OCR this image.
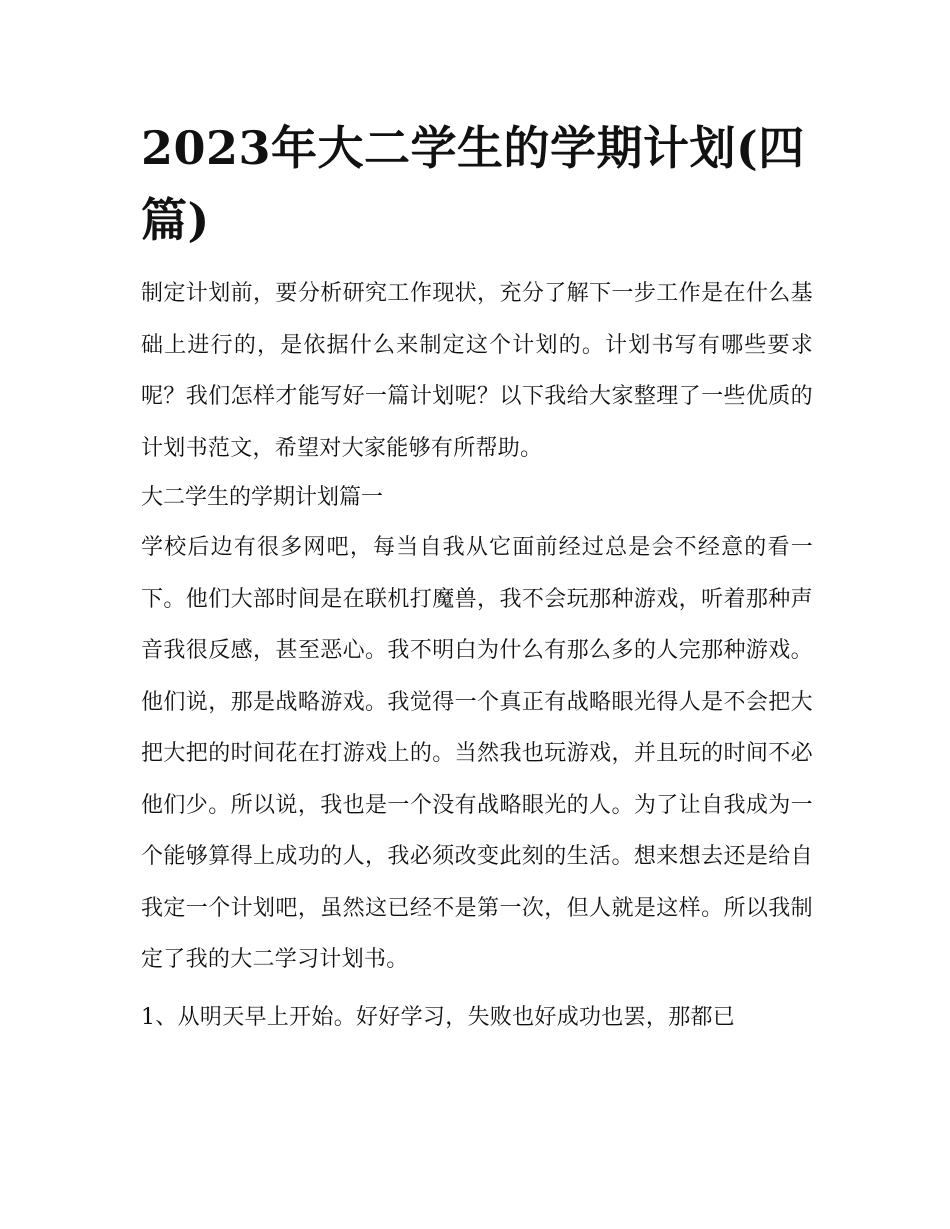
2023年大二学生的学期计划(四篇)

制定计划前，要分析研究工作现状，充分了解下一步工作是在什么基础上进行的，是依据什么来制定这个计划的。计划书写有哪些要求呢？我们怎样才能写好一篇计划呢？以下我给大家整理了一些优质的计划书范文，希望对大家能够有所帮助。

大二学生的学期计划篇一

学校后边有很多网吧，每当自我从它面前经过总是会不经意的看一下。他们大部时间是在联机打魔兽，我不会玩那种游戏，听着那种声音我很反感，甚至恶心。我不明白为什么有那么多的人完那种游戏。他们说，那是战略游戏。我觉得一个真正有战略眼光得人是不会把大把大把的时间花在打游戏上的。当然我也玩游戏，并且玩的时间不必他们少。所以说，我也是一个没有战略眼光的人。为了让自我成为一个能够算得上成功的人，我必须改变此刻的生活。想来想去还是给自我定一个计划吧，虽然这已经不是第一次，但人就是这样。所以我制定了我的大二学习计划书。

1、从明天早上开始。好好学习，失败也好成功也罢，那都已
